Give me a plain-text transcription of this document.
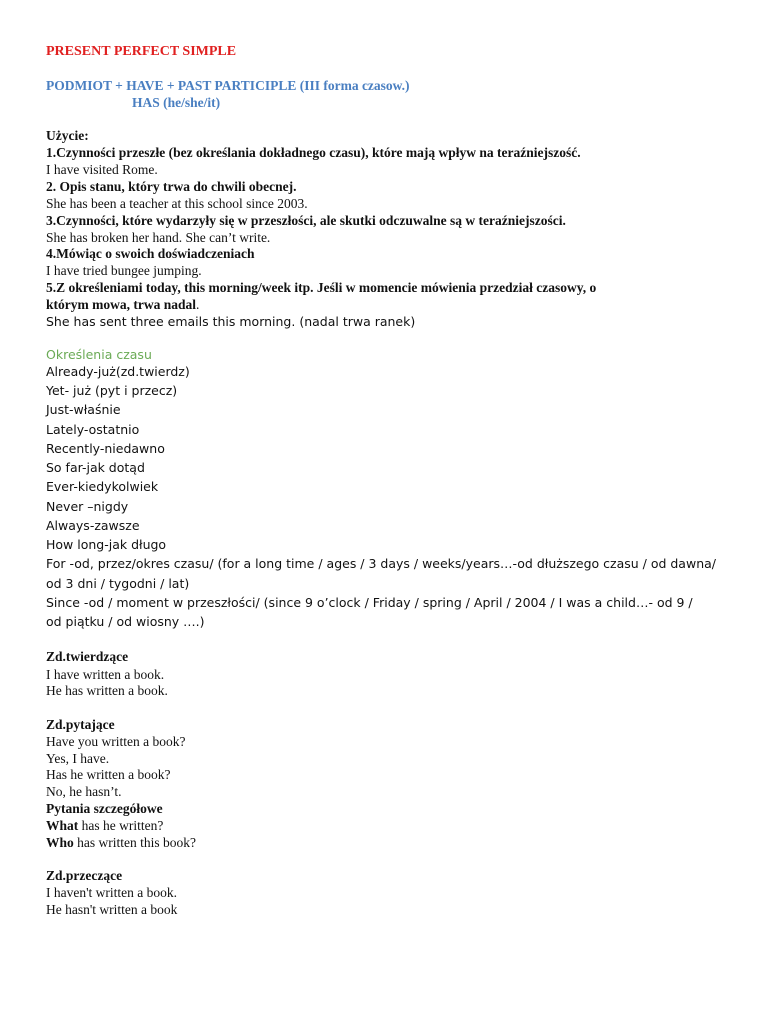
PRESENT PERFECT SIMPLE
PODMIOT + HAVE + PAST PARTICIPLE (III forma czasow.)
HAS (he/she/it)
Użycie:
1.Czynności przeszłe (bez określania dokładnego czasu), które mają wpływ na teraźniejszość.
I have visited Rome.
2. Opis stanu, który trwa do chwili obecnej.
She has been a teacher at this school since 2003.
3.Czynności, które wydarzyły się w przeszłości, ale skutki odczuwalne są w teraźniejszości.
She has broken her hand. She can’t write.
4.Mówiąc o swoich doświadczeniach
I have tried bungee jumping.
5.Z określeniami today, this morning/week itp. Jeśli w momencie mówienia przedział czasowy, o
którym mowa, trwa nadal.
She has sent three emails this morning. (nadal trwa ranek)
Określenia czasu
Already-już(zd.twierdz)
Yet- już (pyt i przecz)
Just-właśnie
Lately-ostatnio
Recently-niedawno
So far-jak dotąd
Ever-kiedykolwiek
Never –nigdy
Always-zawsze
How long-jak długo
For -od, przez/okres czasu/ (for a long time / ages / 3 days / weeks/years…-od dłuższego czasu / od dawna/
od 3 dni / tygodni / lat)
Since -od / moment w przeszłości/ (since 9 o’clock / Friday / spring / April / 2004 / I was a child…- od 9 /
od piątku / od wiosny ….)
Zd.twierdzące
I have written a book.
He has written a book.
Zd.pytające
Have you written a book?
Yes, I have.
Has he written a book?
No, he hasn’t.
Pytania szczegółowe
What has he written?
Who has written this book?
Zd.przeczące
I haven't written a book.
He hasn't written a book
